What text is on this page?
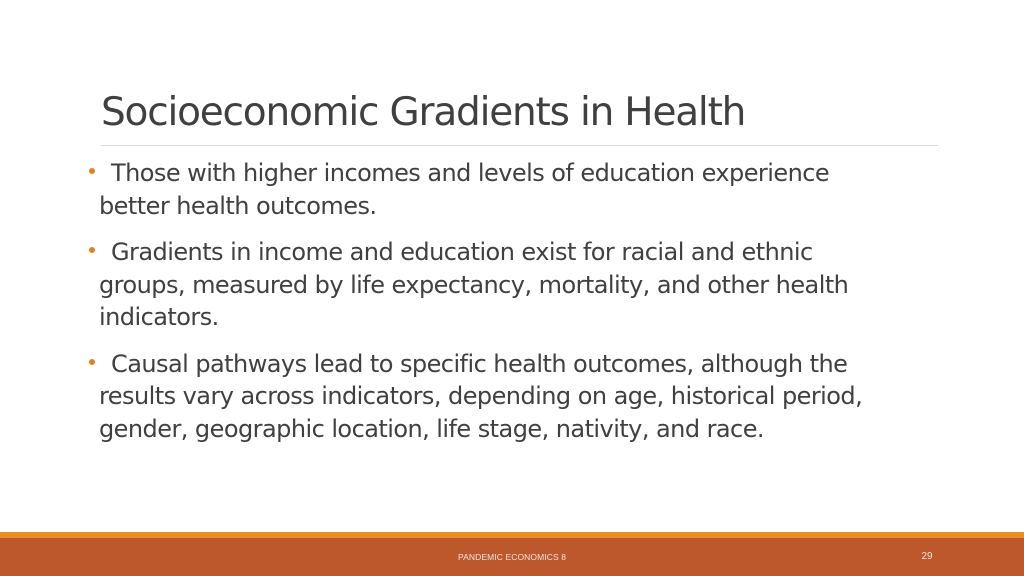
Socioeconomic Gradients in Health
Those with higher incomes and levels of education experience better health outcomes.
Gradients in income and education exist for racial and ethnic groups, measured by life expectancy, mortality, and other health indicators.
Causal pathways lead to specific health outcomes, although the results vary across indicators, depending on age, historical period, gender, geographic location, life stage, nativity, and race.
PANDEMIC ECONOMICS 8	29
